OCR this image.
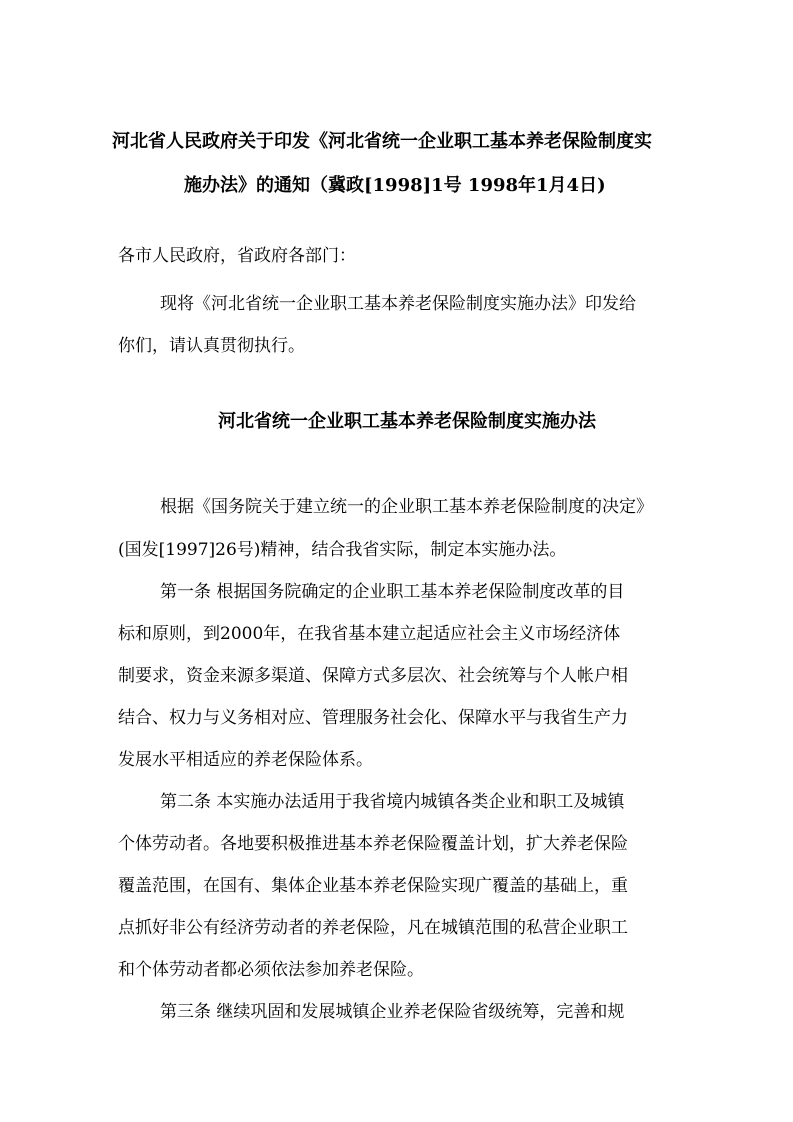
河北省人民政府关于印发《河北省统一企业职工基本养老保险制度实
施办法》的通知（冀政[1998]1号 1998年1月4日)
各市人民政府，省政府各部门：
现将《河北省统一企业职工基本养老保险制度实施办法》印发给
你们，请认真贯彻执行。
河北省统一企业职工基本养老保险制度实施办法
根据《国务院关于建立统一的企业职工基本养老保险制度的决定》
(国发[1997]26号)精神，结合我省实际，制定本实施办法。
第一条 根据国务院确定的企业职工基本养老保险制度改革的目
标和原则，到2000年，在我省基本建立起适应社会主义市场经济体
制要求，资金来源多渠道、保障方式多层次、社会统筹与个人帐户相
结合、权力与义务相对应、管理服务社会化、保障水平与我省生产力
发展水平相适应的养老保险体系。
第二条 本实施办法适用于我省境内城镇各类企业和职工及城镇
个体劳动者。各地要积极推进基本养老保险覆盖计划，扩大养老保险
覆盖范围，在国有、集体企业基本养老保险实现广覆盖的基础上，重
点抓好非公有经济劳动者的养老保险，凡在城镇范围的私营企业职工
和个体劳动者都必须依法参加养老保险。
第三条 继续巩固和发展城镇企业养老保险省级统筹，完善和规
